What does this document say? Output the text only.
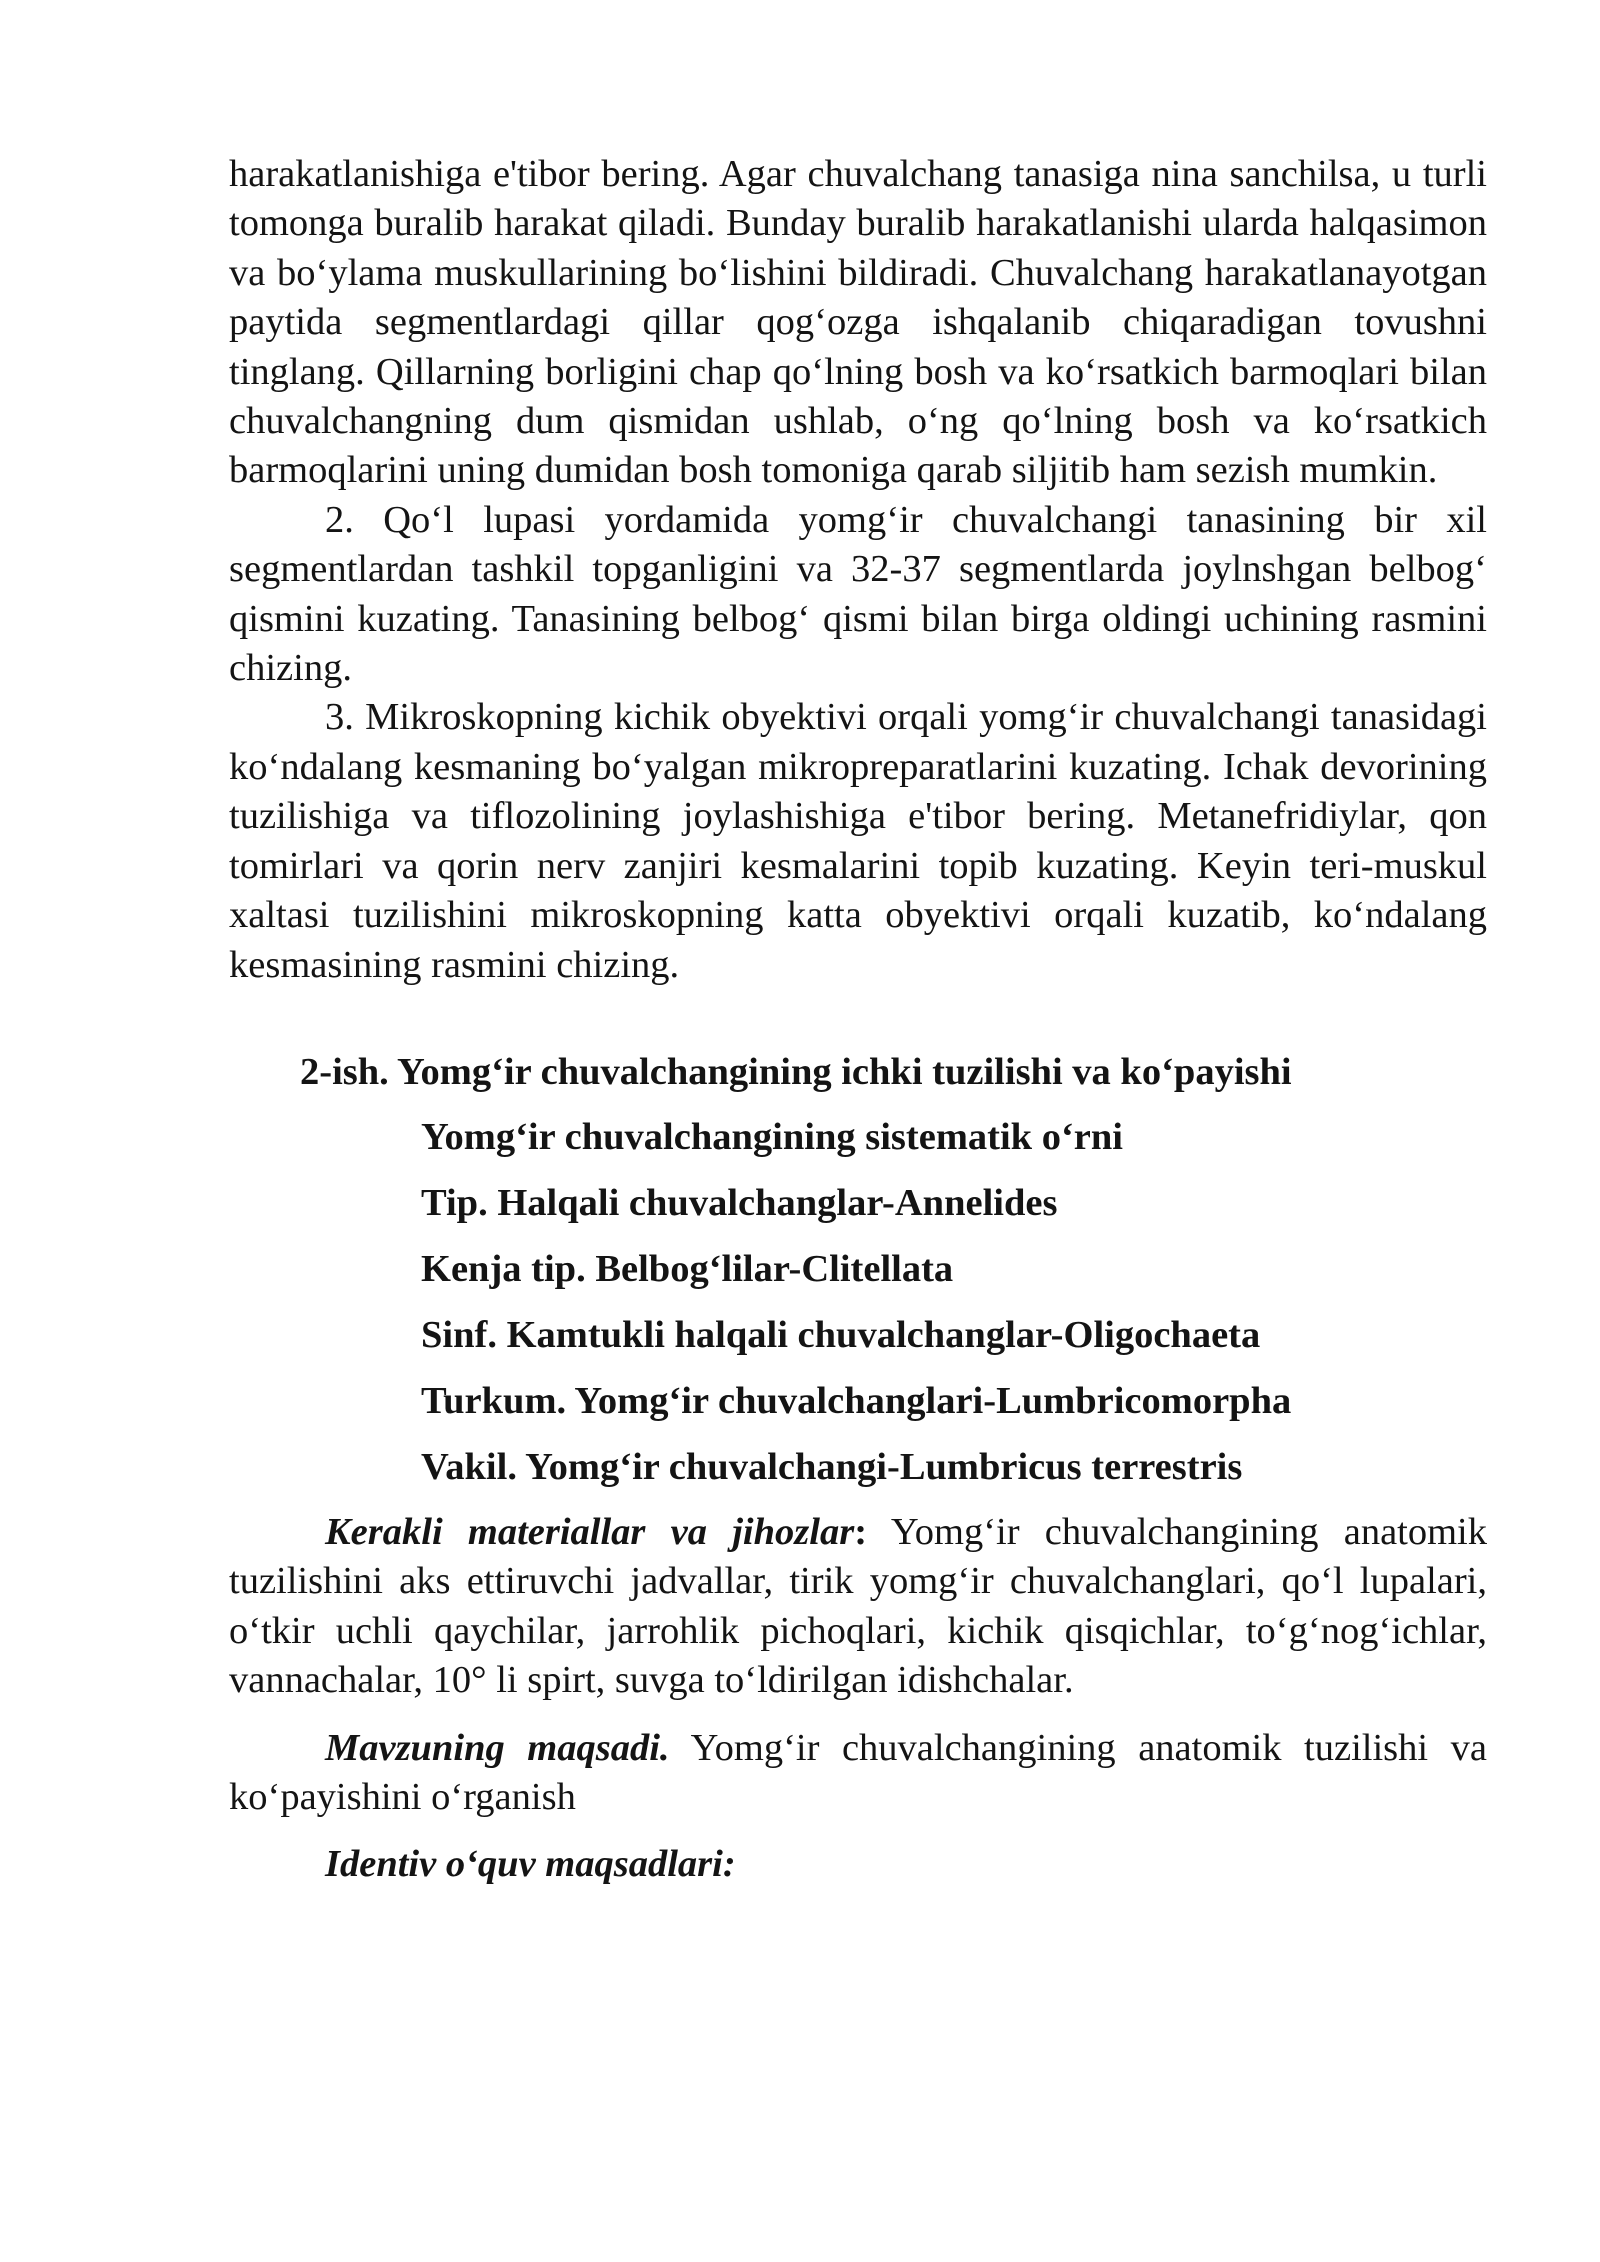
harakatlanishiga e'tibor bering. Agar chuvalchang tanasiga nina sanchilsa, u turli tomonga buralib harakat qiladi. Bunday buralib harakatlanishi ularda halqasimon va bo‘ylama muskullarining bo‘lishini bildiradi. Chuvalchang harakatlanayotgan paytida segmentlardagi qillar qog‘ozga ishqalanib chiqaradigan tovushni tinglang. Qillarning borligini chap qo‘lning bosh va ko‘rsatkich barmoqlari bilan chuvalchangning dum qismidan ushlab, o‘ng qo‘lning bosh va ko‘rsatkich barmoqlarini uning dumidan bosh tomoniga qarab siljitib ham sezish mumkin.

2. Qo‘l lupasi yordamida yomg‘ir chuvalchangi tanasining bir xil segmentlardan tashkil topganligini va 32-37 segmentlarda joylnshgan belbog‘ qismini kuzating. Tanasining belbog‘ qismi bilan birga oldingi uchining rasmini chizing.

3. Mikroskopning kichik obyektivi orqali yomg‘ir chuvalchangi tanasidagi ko‘ndalang kesmaning bo‘yalgan mikropreparatlarini kuzating. Ichak devorining tuzilishiga va tiflozolining joylashishiga e'tibor bering. Metanefridiylar, qon tomirlari va qorin nerv zanjiri kesmalarini topib kuzating. Keyin teri-muskul xaltasi tuzilishini mikroskopning katta obyektivi orqali kuzatib, ko‘ndalang kesmasining rasmini chizing.

2-ish. Yomg‘ir chuvalchangining ichki tuzilishi va ko‘payishi

Yomg‘ir chuvalchangining sistematik o‘rni

Tip. Halqali chuvalchanglar-Annelides

Kenja tip. Belbog‘lilar-Clitellata

Sinf. Kamtukli halqali chuvalchanglar-Oligochaeta

Turkum. Yomg‘ir chuvalchanglari-Lumbricomorpha

Vakil. Yomg‘ir chuvalchangi-Lumbricus terrestris

Kerakli materiallar va jihozlar: Yomg‘ir chuvalchangining anatomik tuzilishini aks ettiruvchi jadvallar, tirik yomg‘ir chuvalchanglari, qo‘l lupalari, o‘tkir uchli qaychilar, jarrohlik pichoqlari, kichik qisqichlar, to‘g‘nog‘ichlar, vannachalar, 10° li spirt, suvga to‘ldirilgan idishchalar.

Mavzuning maqsadi. Yomg‘ir chuvalchangining anatomik tuzilishi va ko‘payishini o‘rganish

Identiv o‘quv maqsadlari:
